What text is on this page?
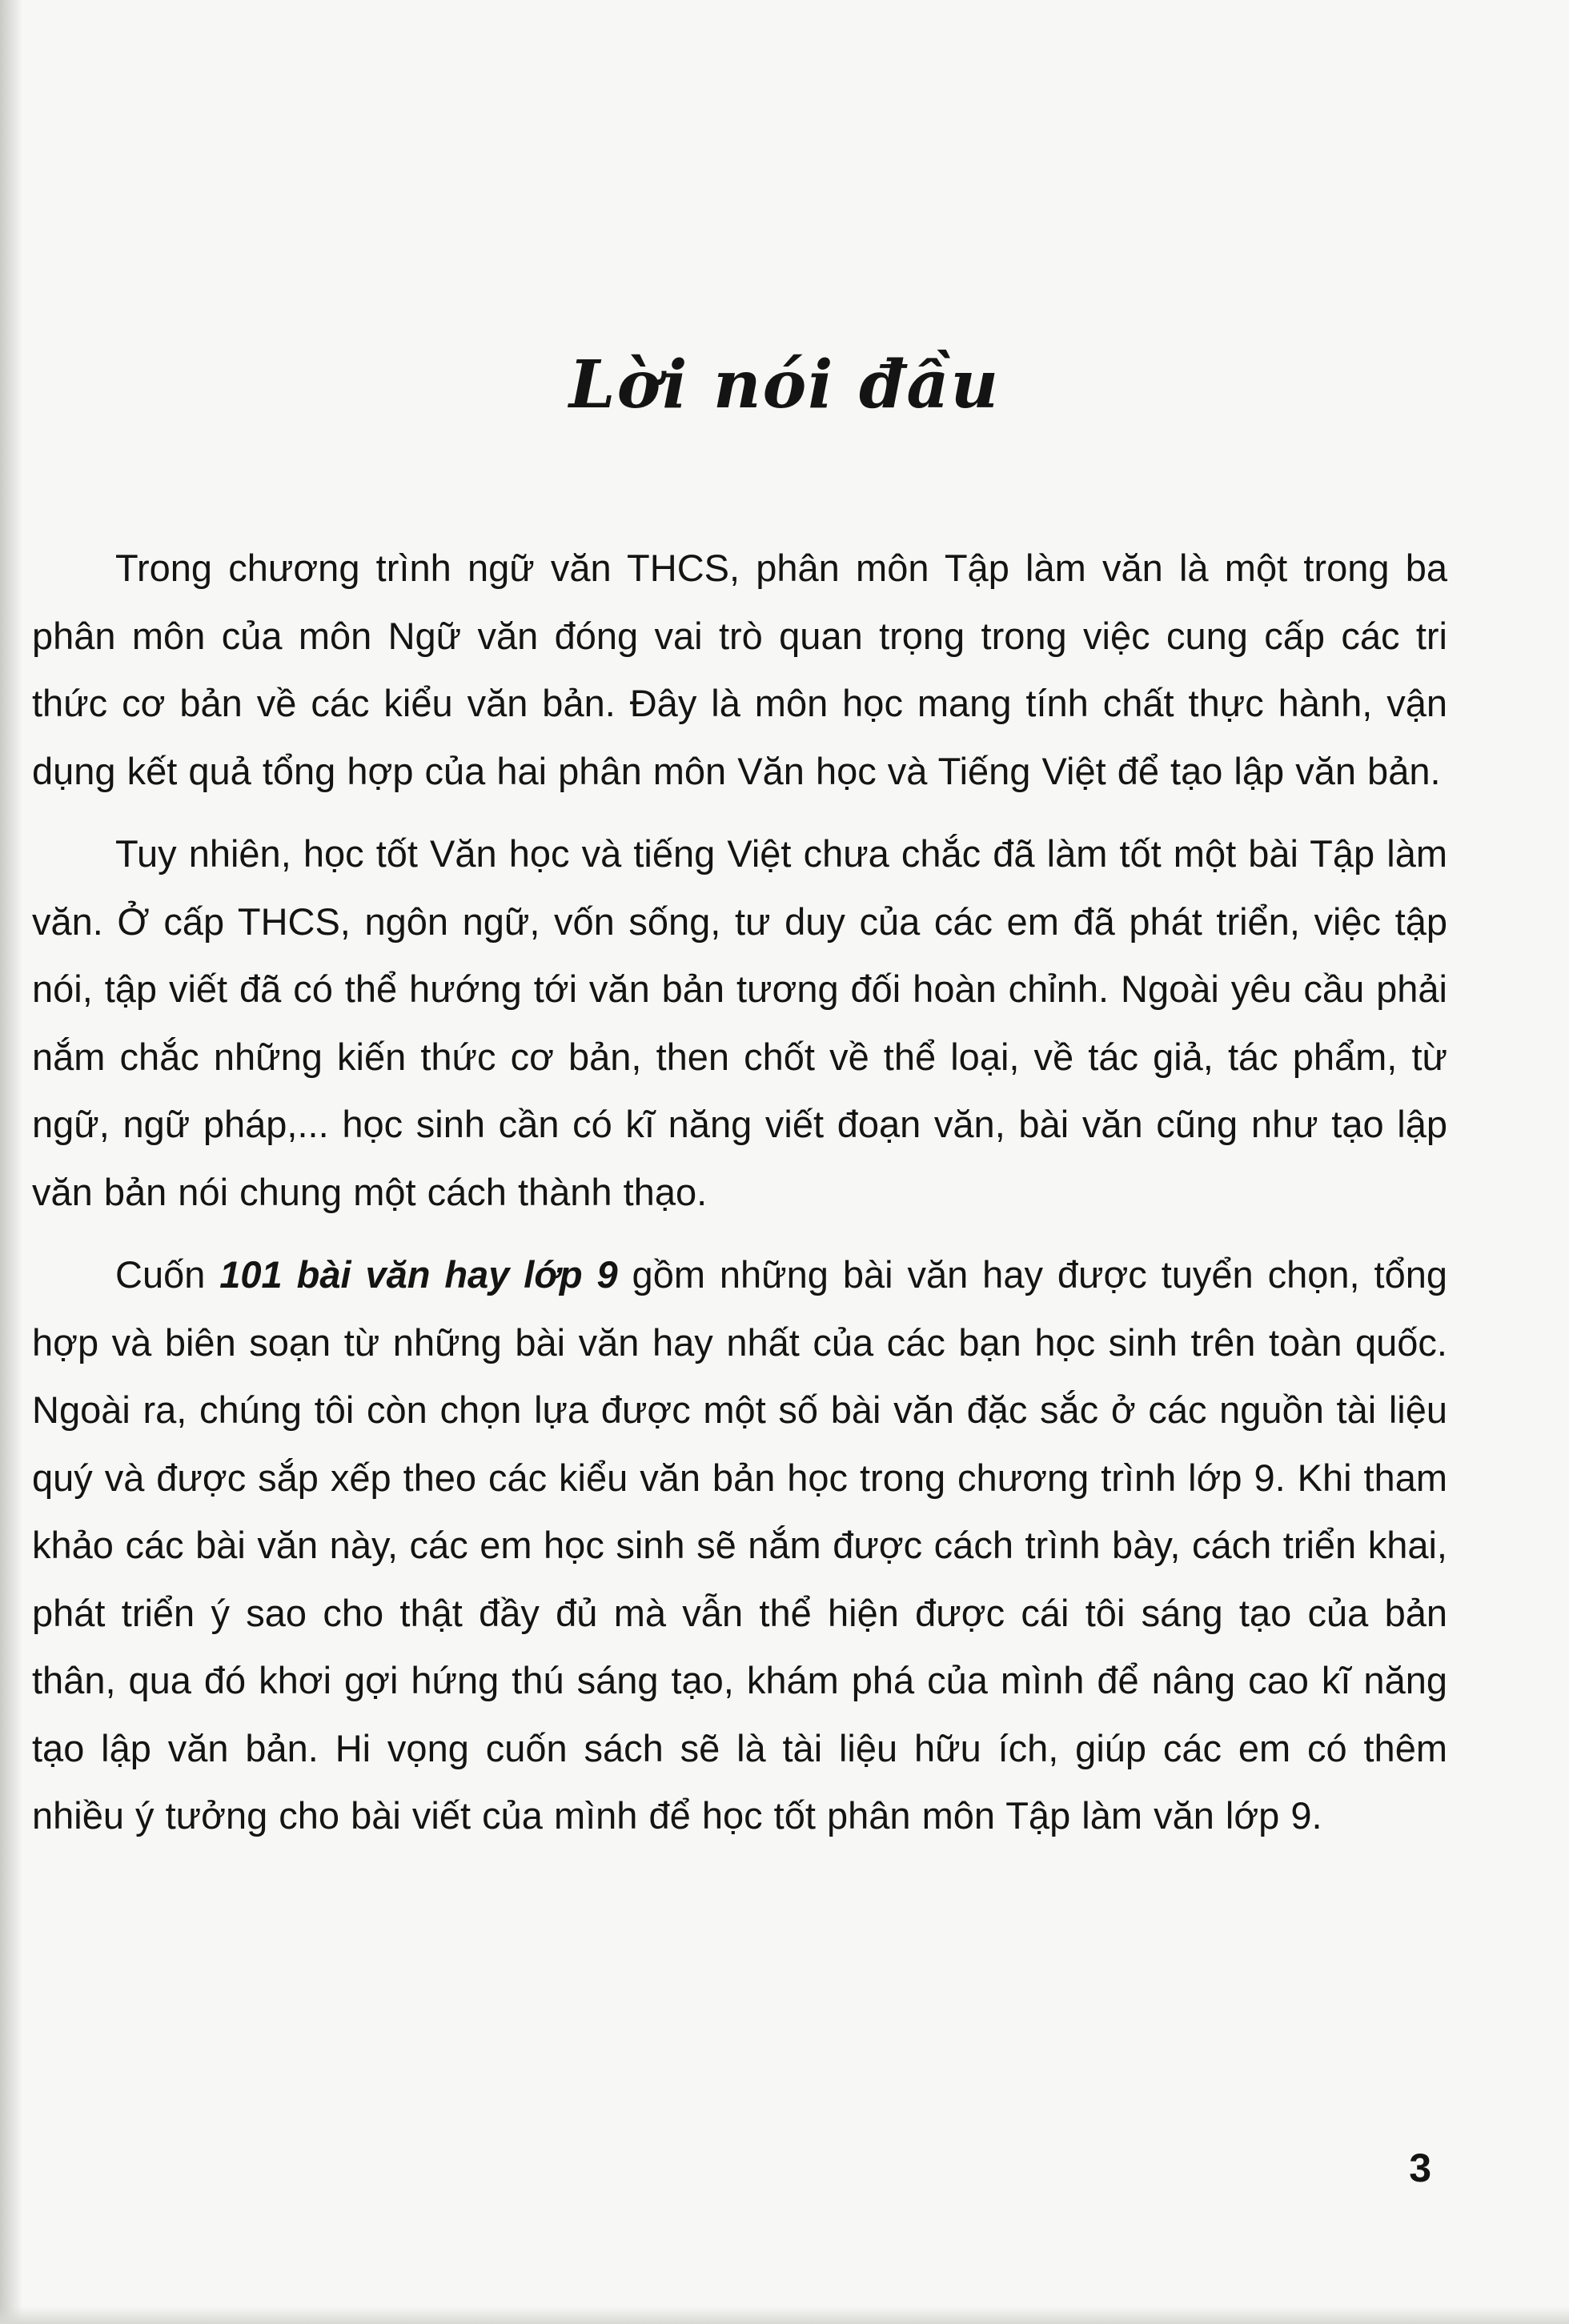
Lời nói đầu

Trong chương trình ngữ văn THCS, phân môn Tập làm văn là một trong ba phân môn của môn Ngữ văn đóng vai trò quan trọng trong việc cung cấp các tri thức cơ bản về các kiểu văn bản. Đây là môn học mang tính chất thực hành, vận dụng kết quả tổng hợp của hai phân môn Văn học và Tiếng Việt để tạo lập văn bản.

Tuy nhiên, học tốt Văn học và tiếng Việt chưa chắc đã làm tốt một bài Tập làm văn. Ở cấp THCS, ngôn ngữ, vốn sống, tư duy của các em đã phát triển, việc tập nói, tập viết đã có thể hướng tới văn bản tương đối hoàn chỉnh. Ngoài yêu cầu phải nắm chắc những kiến thức cơ bản, then chốt về thể loại, về tác giả, tác phẩm, từ ngữ, ngữ pháp,... học sinh cần có kĩ năng viết đoạn văn, bài văn cũng như tạo lập văn bản nói chung một cách thành thạo.

Cuốn 101 bài văn hay lớp 9 gồm những bài văn hay được tuyển chọn, tổng hợp và biên soạn từ những bài văn hay nhất của các bạn học sinh trên toàn quốc. Ngoài ra, chúng tôi còn chọn lựa được một số bài văn đặc sắc ở các nguồn tài liệu quý và được sắp xếp theo các kiểu văn bản học trong chương trình lớp 9. Khi tham khảo các bài văn này, các em học sinh sẽ nắm được cách trình bày, cách triển khai, phát triển ý sao cho thật đầy đủ mà vẫn thể hiện được cái tôi sáng tạo của bản thân, qua đó khơi gợi hứng thú sáng tạo, khám phá của mình để nâng cao kĩ năng tạo lập văn bản. Hi vọng cuốn sách sẽ là tài liệu hữu ích, giúp các em có thêm nhiều ý tưởng cho bài viết của mình để học tốt phân môn Tập làm văn lớp 9.

3
